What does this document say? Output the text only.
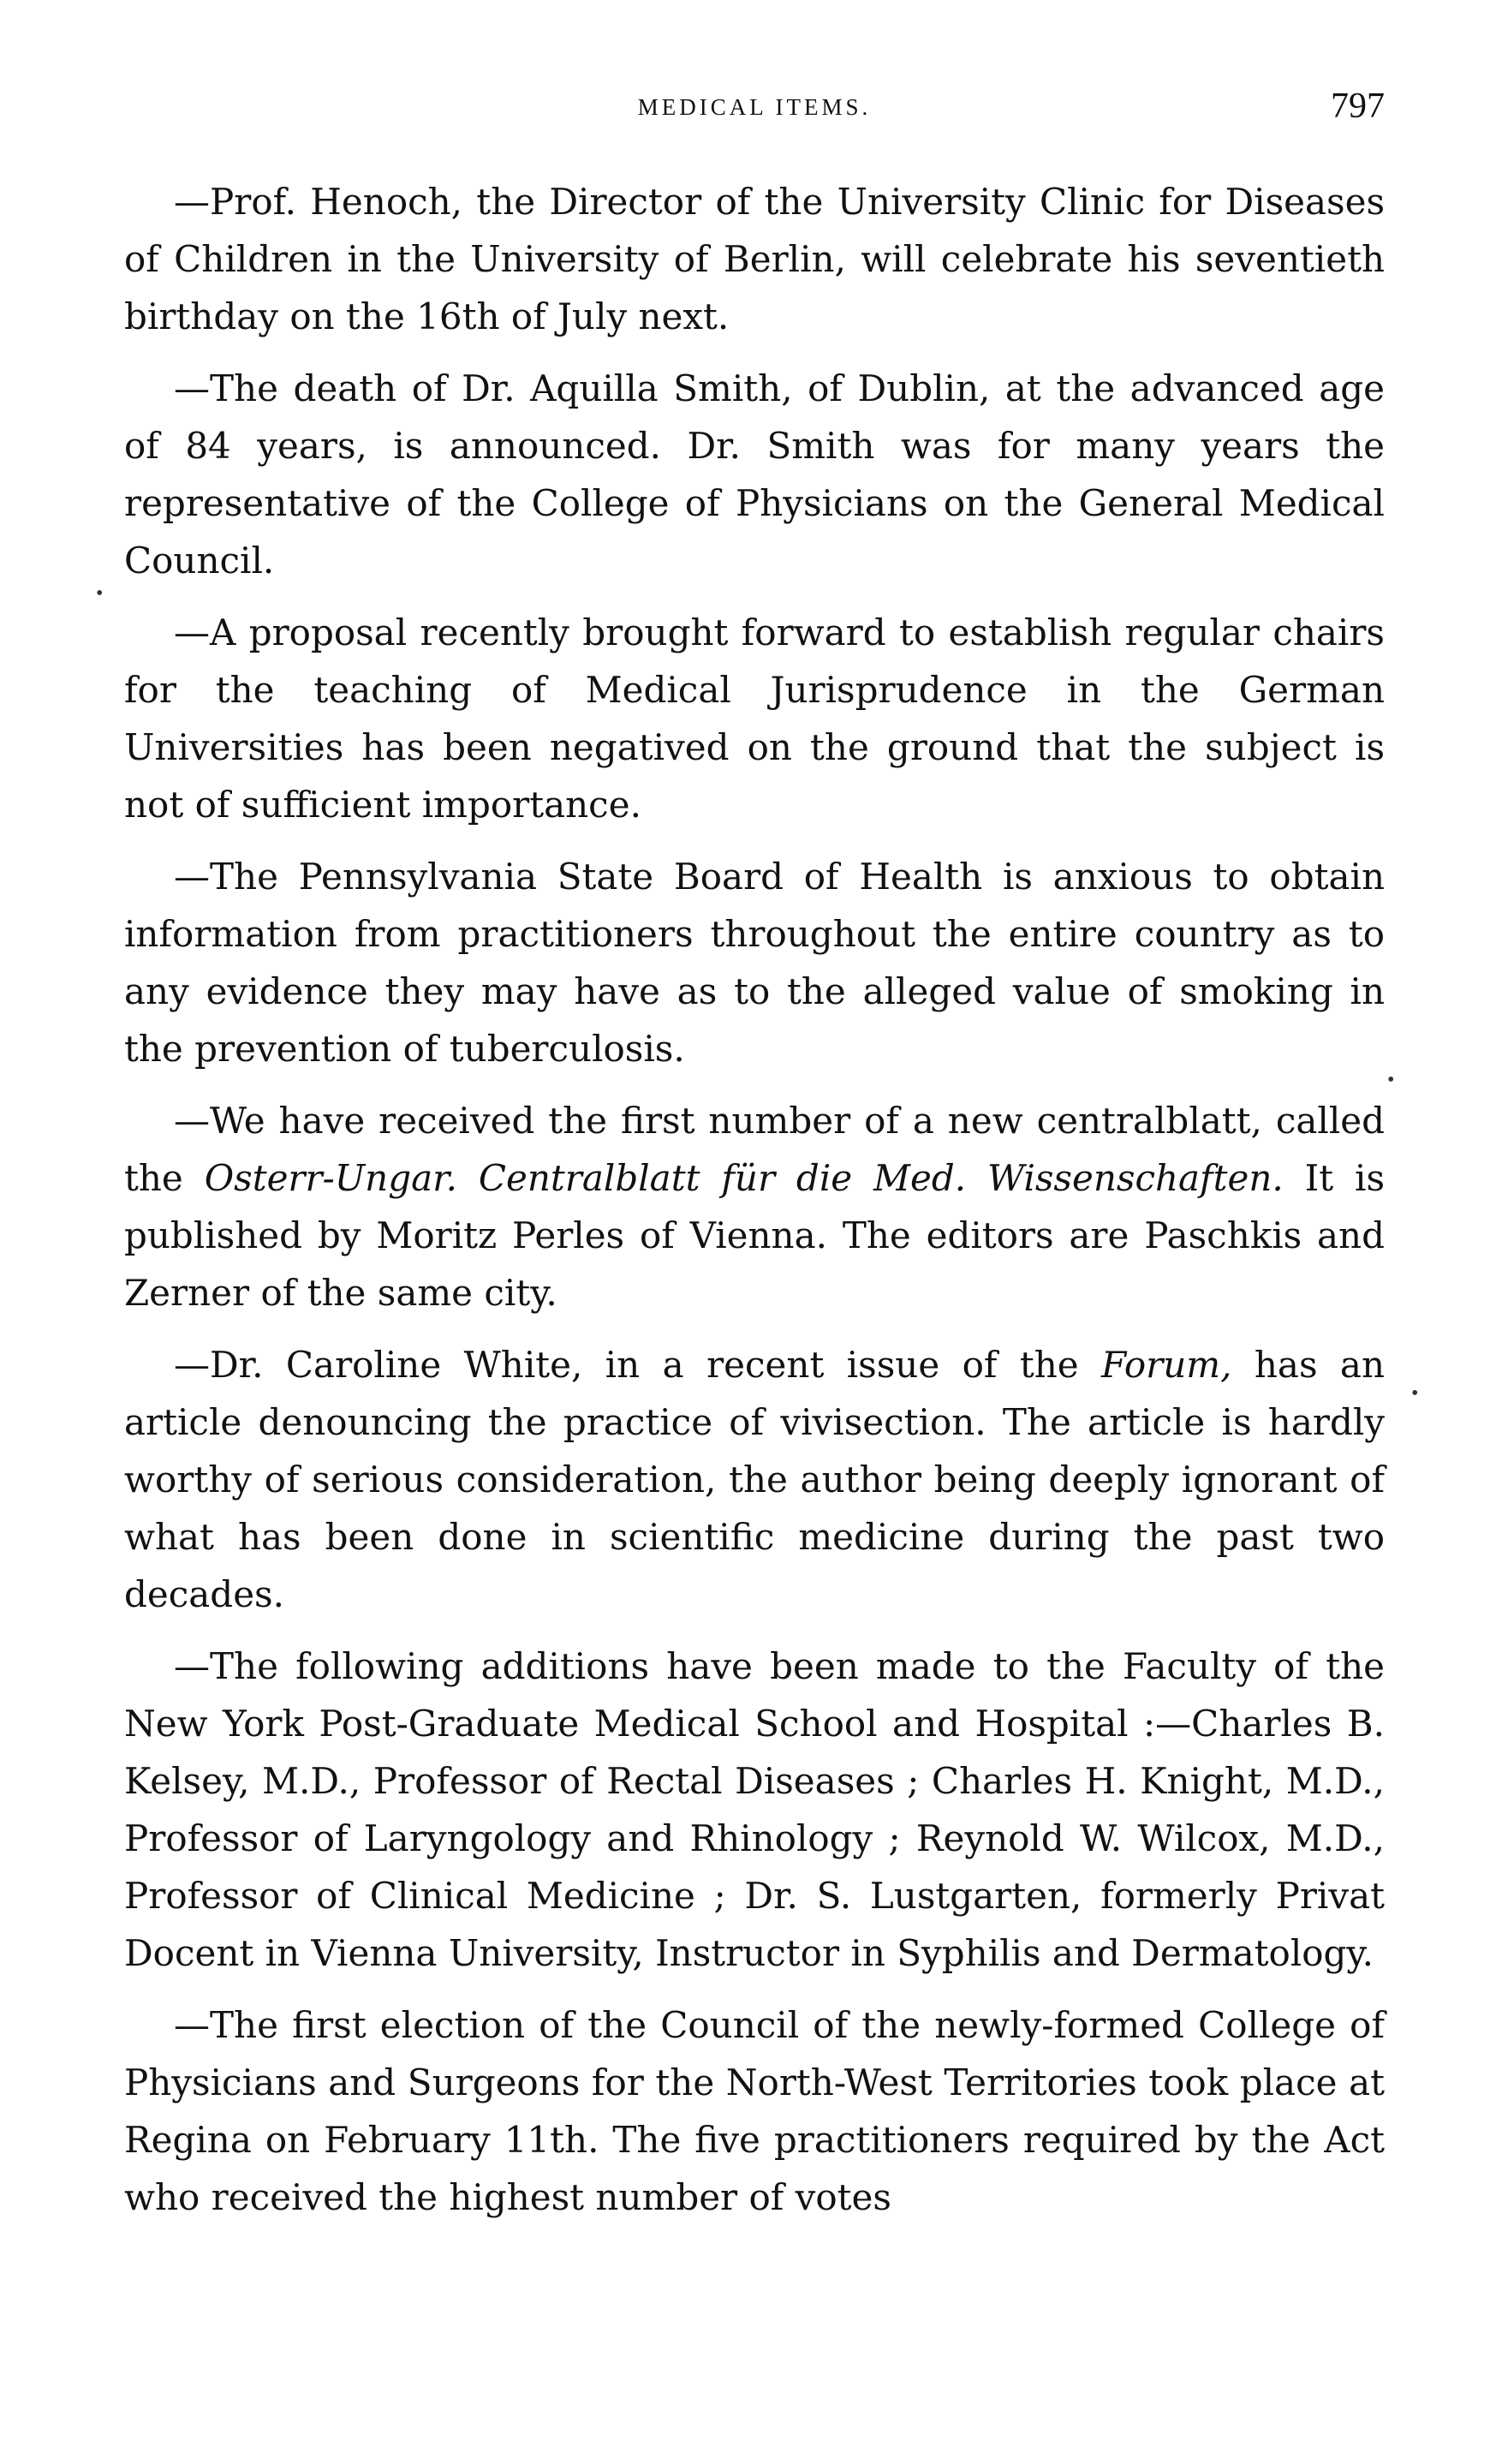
MEDICAL ITEMS.	797

—Prof. Henoch, the Director of the University Clinic for Diseases of Children in the University of Berlin, will celebrate his seventieth birthday on the 16th of July next.

—The death of Dr. Aquilla Smith, of Dublin, at the advanced age of 84 years, is announced. Dr. Smith was for many years the representative of the College of Physicians on the General Medical Council.

—A proposal recently brought forward to establish regular chairs for the teaching of Medical Jurisprudence in the German Universities has been negatived on the ground that the subject is not of sufficient importance.

—The Pennsylvania State Board of Health is anxious to obtain information from practitioners throughout the entire country as to any evidence they may have as to the alleged value of smoking in the prevention of tuberculosis.

—We have received the first number of a new centralblatt, called the Osterr-Ungar. Centralblatt für die Med. Wissenschaften. It is published by Moritz Perles of Vienna. The editors are Paschkis and Zerner of the same city.

—Dr. Caroline White, in a recent issue of the Forum, has an article denouncing the practice of vivisection. The article is hardly worthy of serious consideration, the author being deeply ignorant of what has been done in scientific medicine during the past two decades.

—The following additions have been made to the Faculty of the New York Post-Graduate Medical School and Hospital :—Charles B. Kelsey, M.D., Professor of Rectal Diseases ; Charles H. Knight, M.D., Professor of Laryngology and Rhinology ; Reynold W. Wilcox, M.D., Professor of Clinical Medicine ; Dr. S. Lustgarten, formerly Privat Docent in Vienna University, Instructor in Syphilis and Dermatology.

—The first election of the Council of the newly-formed College of Physicians and Surgeons for the North-West Territories took place at Regina on February 11th. The five practitioners required by the Act who received the highest number of votes

•
•
•
